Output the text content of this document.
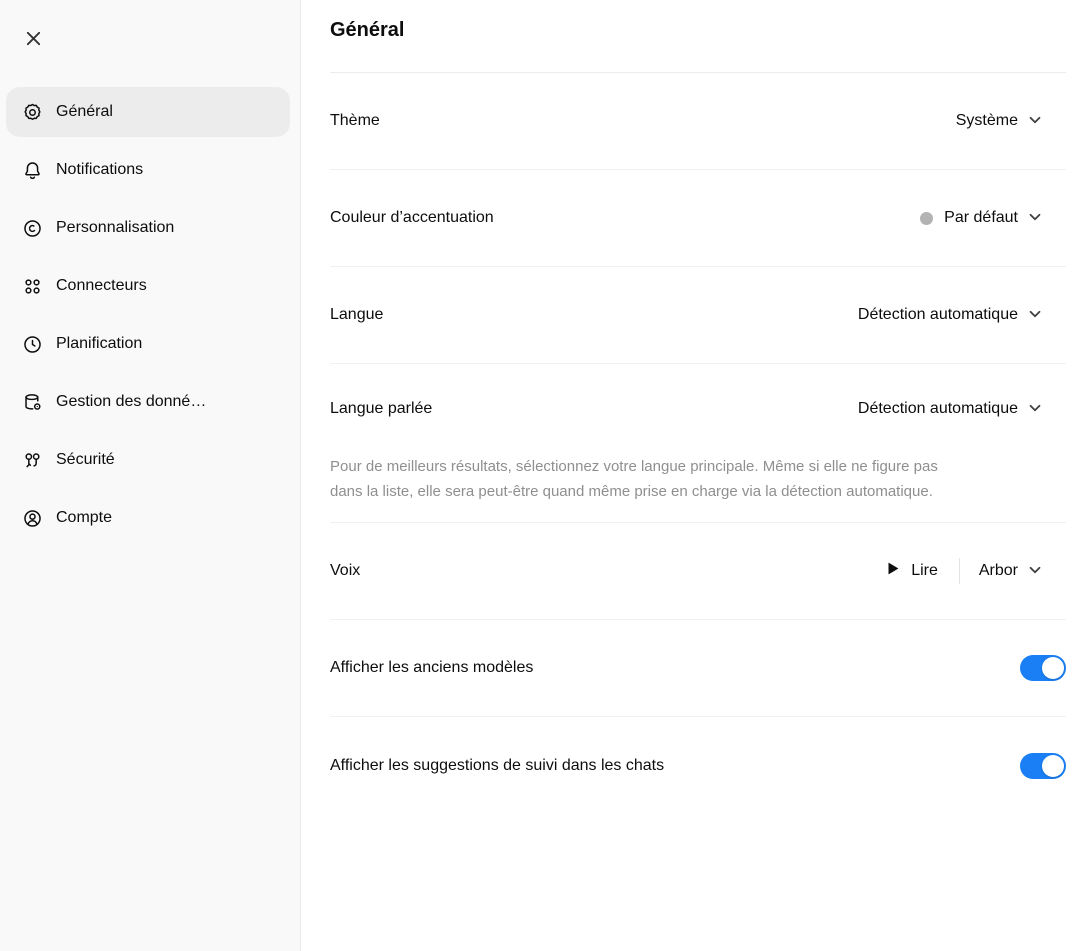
Général
Notifications
Personnalisation
Connecteurs
Planification
Gestion des donné…
Sécurité
Compte
Général
Thème	Système
Couleur d’accentuation	Par défaut
Langue	Détection automatique
Langue parlée	Détection automatique

Pour de meilleurs résultats, sélectionnez votre langue principale. Même si elle ne figure pas dans la liste, elle sera peut-être quand même prise en charge via la détection automatique.

Voix	Lire	Arbor
Afficher les anciens modèles
Afficher les suggestions de suivi dans les chats
